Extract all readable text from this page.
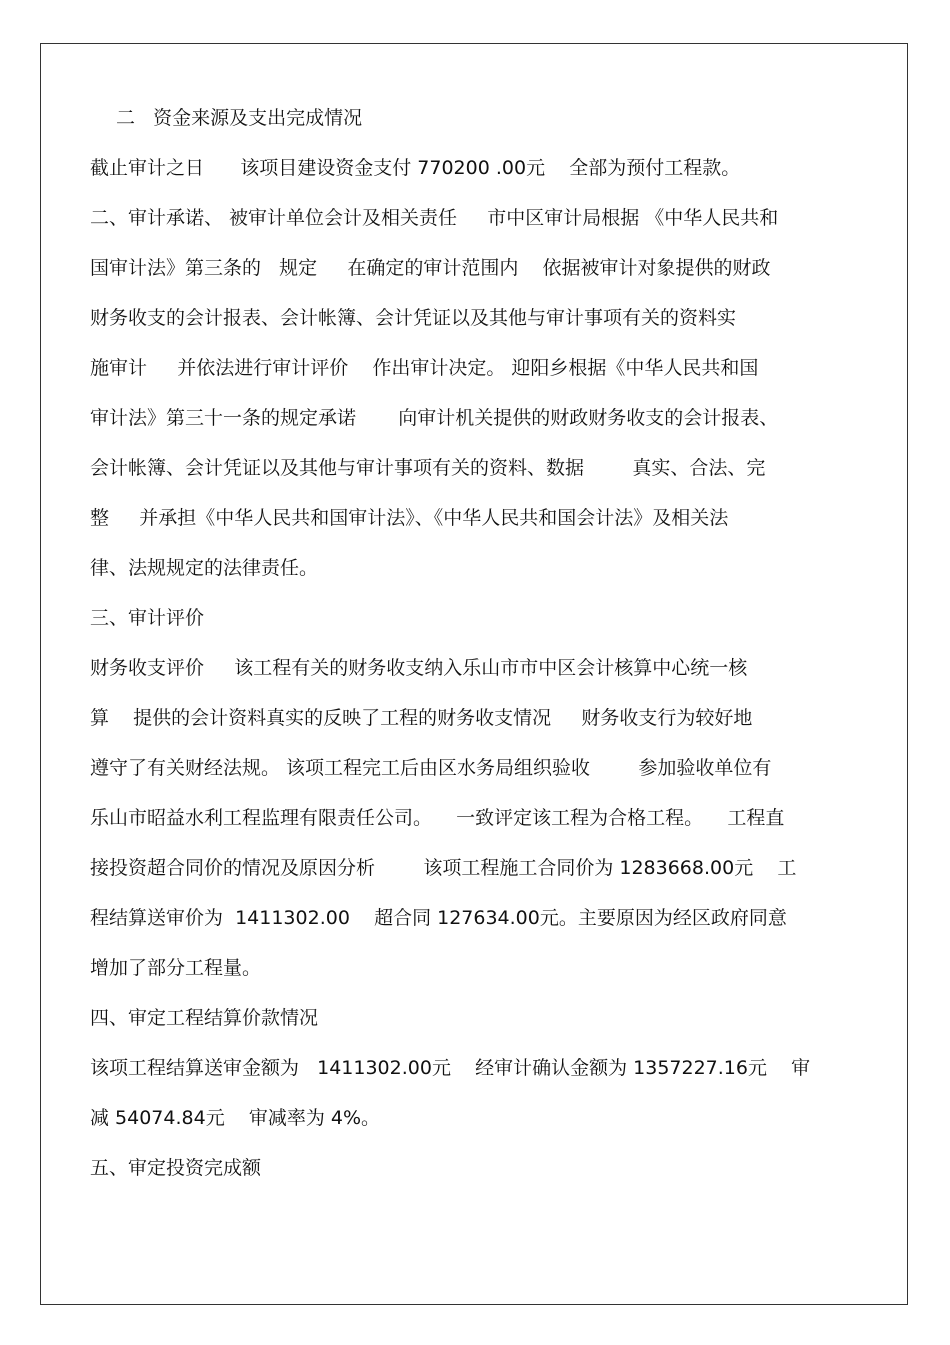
二   资金来源及支出完成情况
截止审计之日      该项目建设资金支付 770200 .00元    全部为预付工程款。
二、审计承诺、 被审计单位会计及相关责任     市中区审计局根据 《中华人民共和
国审计法》第三条的   规定     在确定的审计范围内    依据被审计对象提供的财政
财务收支的会计报表、会计帐簿、会计凭证以及其他与审计事项有关的资料实
施审计     并依法进行审计评价    作出审计决定。 迎阳乡根据《中华人民共和国
审计法》第三十一条的规定承诺       向审计机关提供的财政财务收支的会计报表、
会计帐簿、会计凭证以及其他与审计事项有关的资料、数据        真实、合法、完
整     并承担《中华人民共和国审计法》、《中华人民共和国会计法》及相关法
律、法规规定的法律责任。
三、审计评价
财务收支评价     该工程有关的财务收支纳入乐山市市中区会计核算中心统一核
算    提供的会计资料真实的反映了工程的财务收支情况     财务收支行为较好地
遵守了有关财经法规。 该项工程完工后由区水务局组织验收        参加验收单位有
乐山市昭益水利工程监理有限责任公司。    一致评定该工程为合格工程。    工程直
接投资超合同价的情况及原因分析        该项工程施工合同价为 1283668.00元    工
程结算送审价为  1411302.00    超合同 127634.00元。主要原因为经区政府同意
增加了部分工程量。
四、审定工程结算价款情况
该项工程结算送审金额为   1411302.00元    经审计确认金额为 1357227.16元    审
减 54074.84元    审减率为 4%。
五、审定投资完成额
